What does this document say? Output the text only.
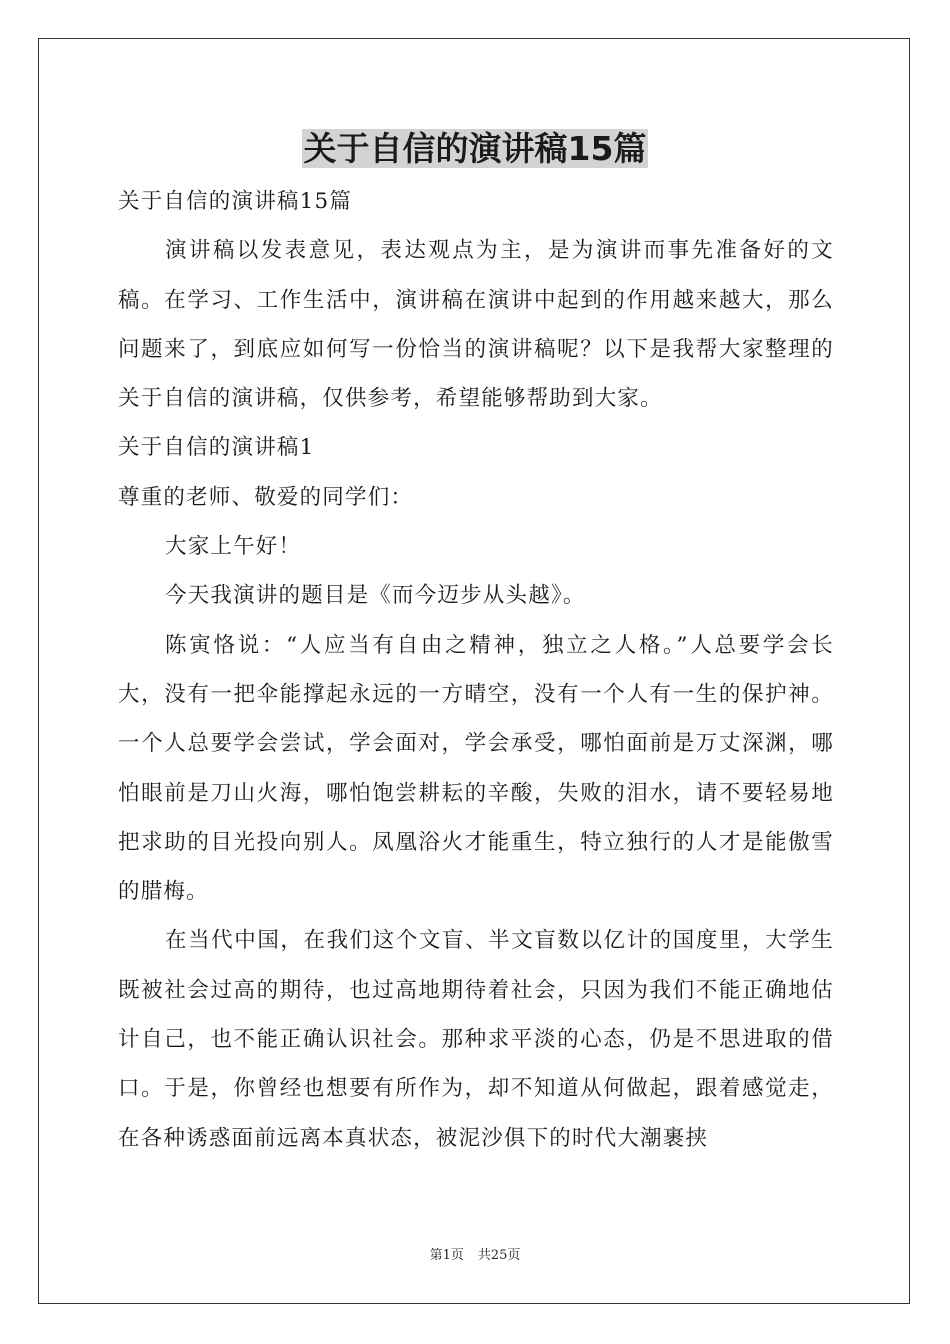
关于自信的演讲稿15篇

关于自信的演讲稿15篇

演讲稿以发表意见，表达观点为主，是为演讲而事先准备好的文稿。在学习、工作生活中，演讲稿在演讲中起到的作用越来越大，那么问题来了，到底应如何写一份恰当的演讲稿呢？以下是我帮大家整理的关于自信的演讲稿，仅供参考，希望能够帮助到大家。

关于自信的演讲稿1

尊重的老师、敬爱的同学们：

大家上午好！

今天我演讲的题目是《而今迈步从头越》。

陈寅恪说：“人应当有自由之精神，独立之人格。”人总要学会长大，没有一把伞能撑起永远的一方晴空，没有一个人有一生的保护神。一个人总要学会尝试，学会面对，学会承受，哪怕面前是万丈深渊，哪怕眼前是刀山火海，哪怕饱尝耕耘的辛酸，失败的泪水，请不要轻易地把求助的目光投向别人。凤凰浴火才能重生，特立独行的人才是能傲雪的腊梅。

在当代中国，在我们这个文盲、半文盲数以亿计的国度里，大学生既被社会过高的期待，也过高地期待着社会，只因为我们不能正确地估计自己，也不能正确认识社会。那种求平淡的心态，仍是不思进取的借口。于是，你曾经也想要有所作为，却不知道从何做起，跟着感觉走，在各种诱惑面前远离本真状态，被泥沙俱下的时代大潮裹挟

第1页 共25页
